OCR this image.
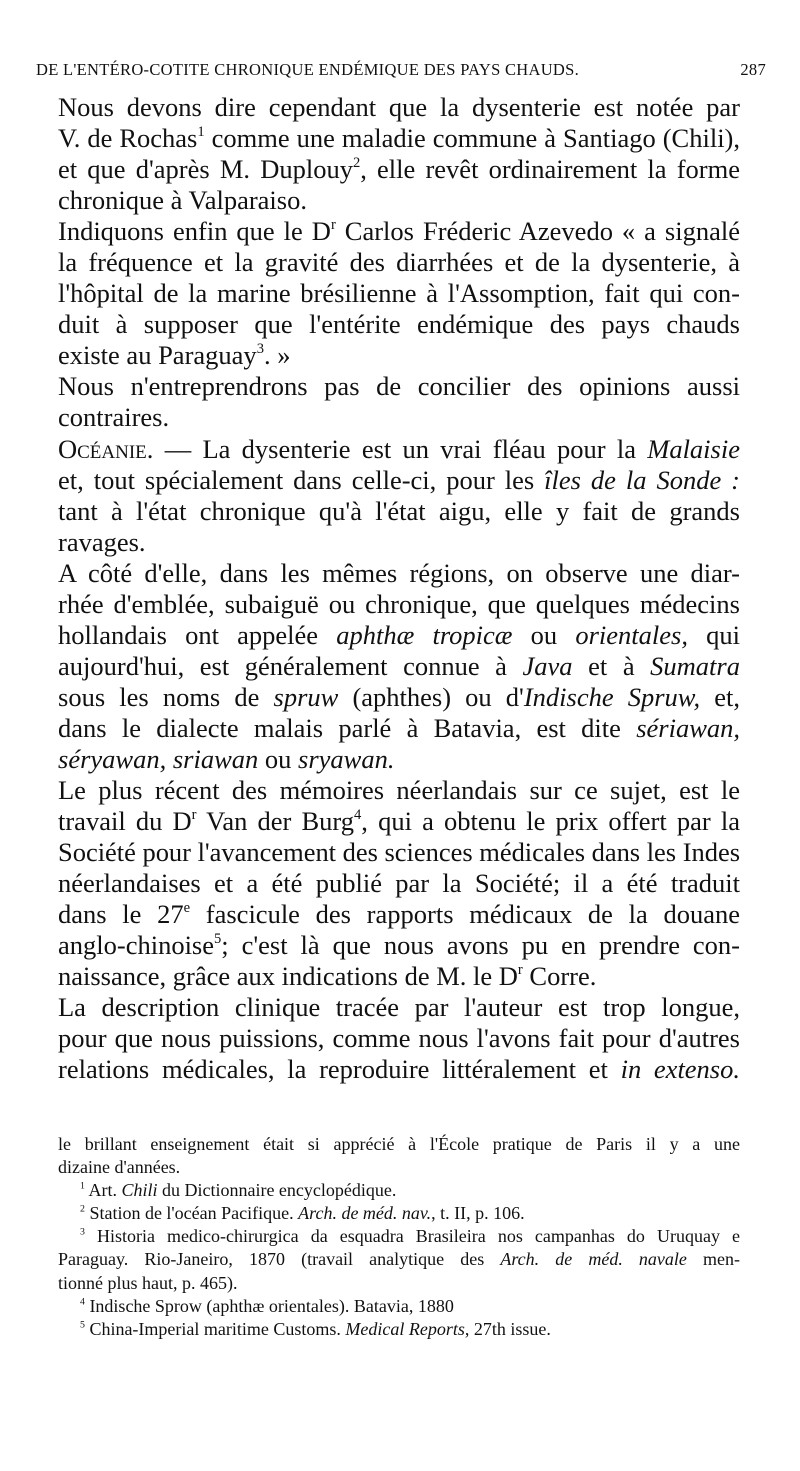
DE L'ENTÉRO-COTITE CHRONIQUE ENDÉMIQUE DES PAYS CHAUDS.	287
Nous devons dire cependant que la dysenterie est notée par
V. de Rochas$^1$ comme une maladie commune à Santiago (Chili),
et que d'après M. Duplouy$^2$, elle revêt ordinairement la forme
chronique à Valparaiso.
Indiquons enfin que le $D^r$ Carlos Fréderic Azevedo « a signalé
la fréquence et la gravité des diarrhées et de la dysenterie, à
l'hôpital de la marine brésilienne à l'Assomption, fait qui con-
duit à supposer que l'entérite endémique des pays chauds
existe au Paraguay$^3$. »
Nous n'entreprendrons pas de concilier des opinions aussi
contraires.
Océanie. — La dysenterie est un vrai fléau pour la Malaisie
et, tout spécialement dans celle-ci, pour les îles de la Sonde :
tant à l'état chronique qu'à l'état aigu, elle y fait de grands
ravages.
A côté d'elle, dans les mêmes régions, on observe une diar-
rhée d'emblée, subaiguë ou chronique, que quelques médecins
hollandais ont appelée aphthæ tropicæ ou orientales, qui
aujourd'hui, est généralement connue à Java et à Sumatra
sous les noms de spruw (aphthes) ou d'Indische Spruw, et,
dans le dialecte malais parlé à Batavia, est dite sériawan,
séryawan, sriawan ou sryawan.
Le plus récent des mémoires néerlandais sur ce sujet, est le
travail du $D^r$ Van der Burg$^4$, qui a obtenu le prix offert par la
Société pour l'avancement des sciences médicales dans les Indes
néerlandaises et a été publié par la Société; il a été traduit
dans le 27e fascicule des rapports médicaux de la douane
anglo-chinoise$^5$; c'est là que nous avons pu en prendre con-
naissance, grâce aux indications de M. le $D^r$ Corre.
La description clinique tracée par l'auteur est trop longue,
pour que nous puissions, comme nous l'avons fait pour d'autres
relations médicales, la reproduire littéralement et in extenso.
le brillant enseignement était si apprécié à l'École pratique de Paris il y a une
dizaine d'années.
$^1$ Art. Chili du Dictionnaire encyclopédique.
$^2$ Station de l'océan Pacifique. Arch. de méd. nav., t. II, p. 106.
$^3$ Historia medico-chirurgica da esquadra Brasileira nos campanhas do Uruquay e
Paraguay. Rio-Janeiro, 1870 (travail analytique des Arch. de méd. navale men-
tionné plus haut, p. 465).
$^4$ Indische Sprow (aphthæ orientales). Batavia, 1880
$^5$ China-Imperial maritime Customs. Medical Reports, 27th issue.
